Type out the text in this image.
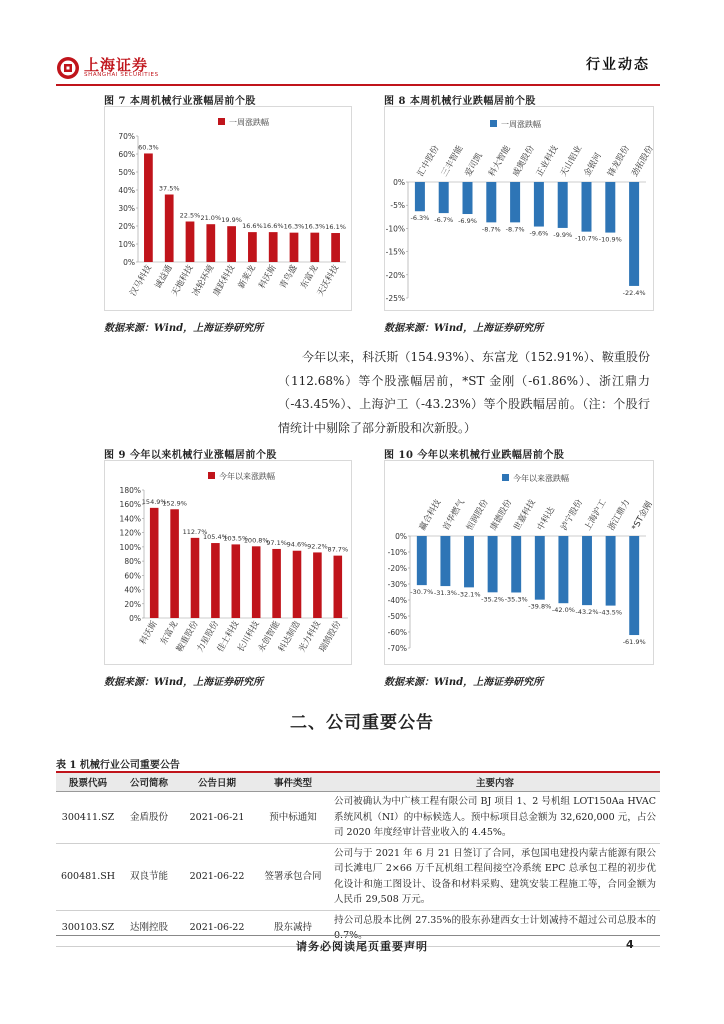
上海证券
SHANGHAI SECURITIES
行业动态
图 7 本周机械行业涨幅居前个股	图 8 本周机械行业跌幅居前个股
一周涨跌幅
0%
10%
20%
30%
40%
50%
60%
70%
60.3%
汉马科技
37.5%
诚益通
22.5%
天地科技
21.0%
冰轮环境
19.9%
康跃科技
16.6%
新莱龙
16.6%
科沃斯
16.3%
青鸟盛
16.3%
东富龙
16.1%
天沃科技
一周涨跌幅
-25%
-20%
-15%
-10%
-5%
0%
-6.3%
汇中股份
-6.7%
三丰智能
-6.9%
爱司凯
-8.7%
科大智能
-8.7%
威奥股份
-9.6%
正业科技
-9.9%
天山铝业
-10.7%
金银河
-10.9%
锋龙股份
-22.4%
劲拓股份
数据来源：Wind，上海证券研究所	数据来源：Wind，上海证券研究所
今年以来，科沃斯（154.93%）、东富龙（152.91%）、鞍重股份（112.68%）等个股涨幅居前，*ST 金刚（-61.86%）、浙江鼎力（-43.45%）、上海沪工（-43.23%）等个股跌幅居前。（注：个股行情统计中剔除了部分新股和次新股。）
图 9 今年以来机械行业涨幅居前个股	图 10 今年以来机械行业跌幅居前个股
今年以来涨跌幅
0%
20%
40%
60%
80%
100%
120%
140%
160%
180%
154.9%
科沃斯
152.9%
东富龙
112.7%
鞍重股份
105.4%
力星股份
103.5%
佳士科技
100.8%
长川科技
97.1%
永创智能
94.6%
科达制造
92.2%
光力科技
87.7%
瑞鹄股份
今年以来涨跌幅
-70%
-60%
-50%
-40%
-30%
-20%
-10%
0%
-30.7%
赢合科技
-31.3%
首华燃气
-32.1%
恒润股份
-35.2%
康德股份
-35.3%
世嘉科技
-39.8%
中科达
-42.0%
泸宁股份
-43.2%
上海沪工
-43.5%
浙江鼎力
-61.9%
*ST金刚
数据来源：Wind，上海证券研究所	数据来源：Wind，上海证券研究所
二、公司重要公告
表 1 机械行业公司重要公告
股票代码	公司简称	公告日期	事件类型	主要内容
300411.SZ	金盾股份	2021-06-21	预中标通知	公司被确认为中广核工程有限公司 BJ 项目 1、2 号机组 LOT150Aa HVAC 系统风机（NI）的中标候选人。预中标项目总金额为 32,620,000 元，占公司 2020 年度经审计营业收入的 4.45%。
600481.SH	双良节能	2021-06-22	签署承包合同	公司与于 2021 年 6 月 21 日签订了合同，承包国电建投内蒙古能源有限公司长滩电厂 2×66 万千瓦机组工程间接空冷系统 EPC 总承包工程的初步优化设计和施工图设计、设备和材料采购、建筑安装工程施工等，合同金额为人民币 29,508 万元。
300103.SZ	达刚控股	2021-06-22	股东减持	持公司总股本比例 27.35%的股东孙建西女士计划减持不超过公司总股本的
请务必阅读尾页重要声明	4
